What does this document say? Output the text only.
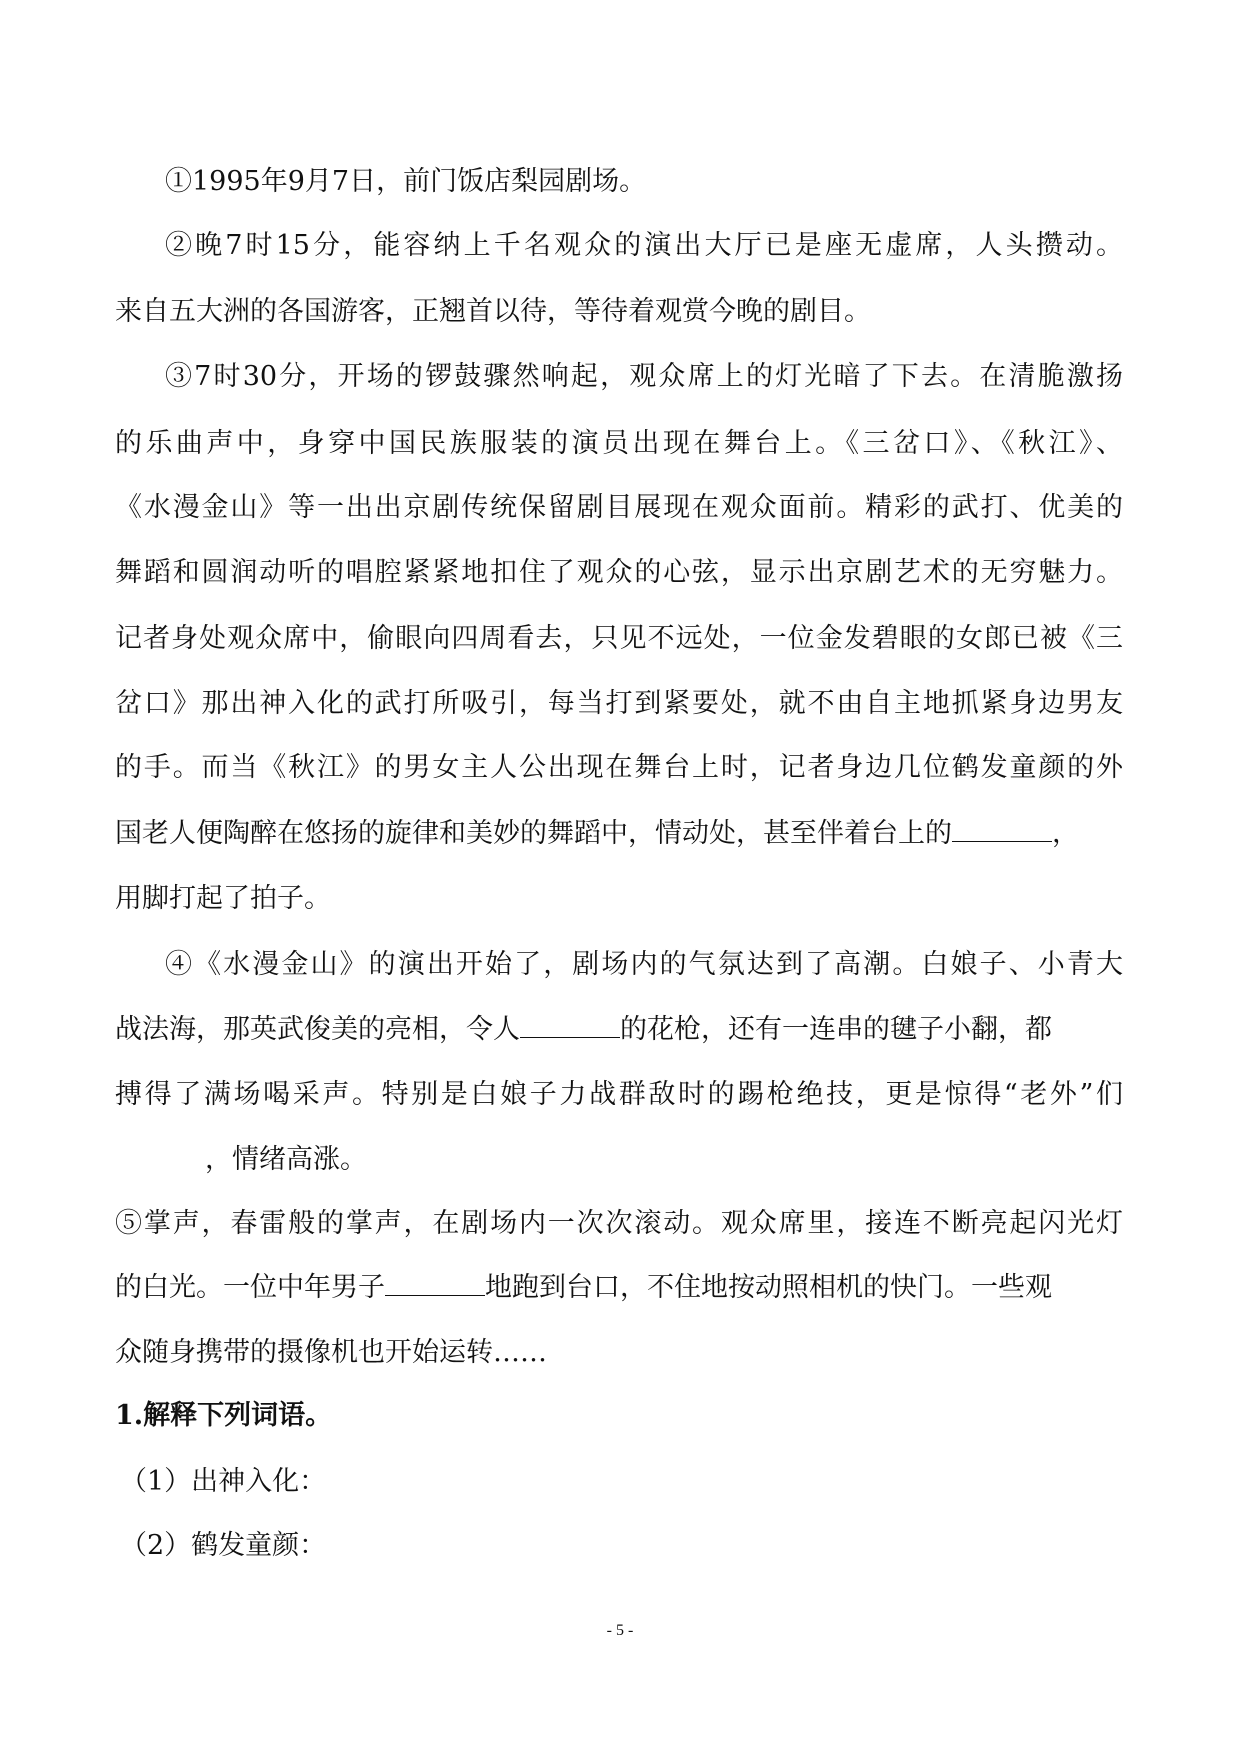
①1995年9月7日，前门饭店梨园剧场。
②晚7时15分，能容纳上千名观众的演出大厅已是座无虚席，人头攒动。
来自五大洲的各国游客，正翘首以待，等待着观赏今晚的剧目。
③7时30分，开场的锣鼓骤然响起，观众席上的灯光暗了下去。在清脆激扬
的乐曲声中，身穿中国民族服装的演员出现在舞台上。《三岔口》、《秋江》、
《水漫金山》等一出出京剧传统保留剧目展现在观众面前。精彩的武打、优美的
舞蹈和圆润动听的唱腔紧紧地扣住了观众的心弦，显示出京剧艺术的无穷魅力。
记者身处观众席中，偷眼向四周看去，只见不远处，一位金发碧眼的女郎已被《三
岔口》那出神入化的武打所吸引，每当打到紧要处，就不由自主地抓紧身边男友
的手。而当《秋江》的男女主人公出现在舞台上时，记者身边几位鹤发童颜的外
国老人便陶醉在悠扬的旋律和美妙的舞蹈中，情动处，甚至伴着台上的	，
用脚打起了拍子。
④《水漫金山》的演出开始了，剧场内的气氛达到了高潮。白娘子、小青大
战法海，那英武俊美的亮相，令人	的花枪，还有一连串的毽子小翻，都
搏得了满场喝采声。特别是白娘子力战群敌时的踢枪绝技，更是惊得“老外”们
，情绪高涨。
⑤掌声，春雷般的掌声，在剧场内一次次滚动。观众席里，接连不断亮起闪光灯
的白光。一位中年男子	地跑到台口，不住地按动照相机的快门。一些观
众随身携带的摄像机也开始运转……
1.解释下列词语。
（1）出神入化：
（2）鹤发童颜：
- 5 -
